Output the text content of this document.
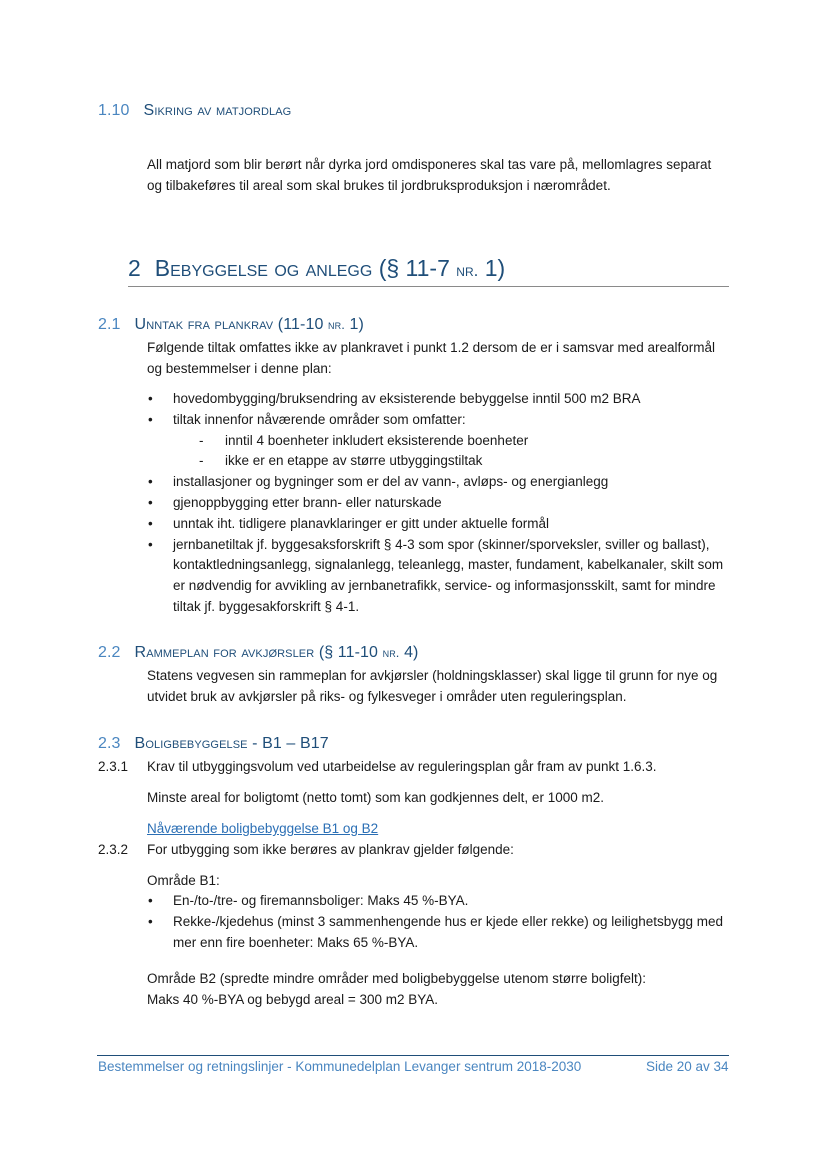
1.10 Sikring av matjordlag
All matjord som blir berørt når dyrka jord omdisponeres skal tas vare på, mellomlagres separat og tilbakeføres til areal som skal brukes til jordbruksproduksjon i nærområdet.
2 Bebyggelse og anlegg (§ 11-7 nr. 1)
2.1 Unntak fra plankrav (11-10 nr. 1)
Følgende tiltak omfattes ikke av plankravet i punkt 1.2 dersom de er i samsvar med arealformål og bestemmelser i denne plan:
• hovedombygging/bruksendring av eksisterende bebyggelse inntil 500 m2 BRA
• tiltak innenfor nåværende områder som omfatter:
- inntil 4 boenheter inkludert eksisterende boenheter
- ikke er en etappe av større utbyggingstiltak
• installasjoner og bygninger som er del av vann-, avløps- og energianlegg
• gjenoppbygging etter brann- eller naturskade
• unntak iht. tidligere planavklaringer er gitt under aktuelle formål
• jernbanetiltak jf. byggesaksforskrift § 4-3 som spor (skinner/sporveksler, sviller og ballast), kontaktledningsanlegg, signalanlegg, teleanlegg, master, fundament, kabelkanaler, skilt som er nødvendig for avvikling av jernbanetrafikk, service- og informasjonsskilt, samt for mindre tiltak jf. byggesakforskrift § 4-1.
2.2 Rammeplan for avkjørsler (§ 11-10 nr. 4)
Statens vegvesen sin rammeplan for avkjørsler (holdningsklasser) skal ligge til grunn for nye og utvidet bruk av avkjørsler på riks- og fylkesveger i områder uten reguleringsplan.
2.3 Boligbebyggelse - B1 – B17
2.3.1 Krav til utbyggingsvolum ved utarbeidelse av reguleringsplan går fram av punkt 1.6.3.
Minste areal for boligtomt (netto tomt) som kan godkjennes delt, er 1000 m2.
Nåværende boligbebyggelse B1 og B2
2.3.2 For utbygging som ikke berøres av plankrav gjelder følgende:
Område B1:
• En-/to-/tre- og firemannsboliger: Maks 45 %-BYA.
• Rekke-/kjedehus (minst 3 sammenhengende hus er kjede eller rekke) og leilighetsbygg med mer enn fire boenheter: Maks 65 %-BYA.
Område B2 (spredte mindre områder med boligbebyggelse utenom større boligfelt):
Maks 40 %-BYA og bebygd areal = 300 m2 BYA.
Bestemmelser og retningslinjer - Kommunedelplan Levanger sentrum 2018-2030	Side 20 av 34
